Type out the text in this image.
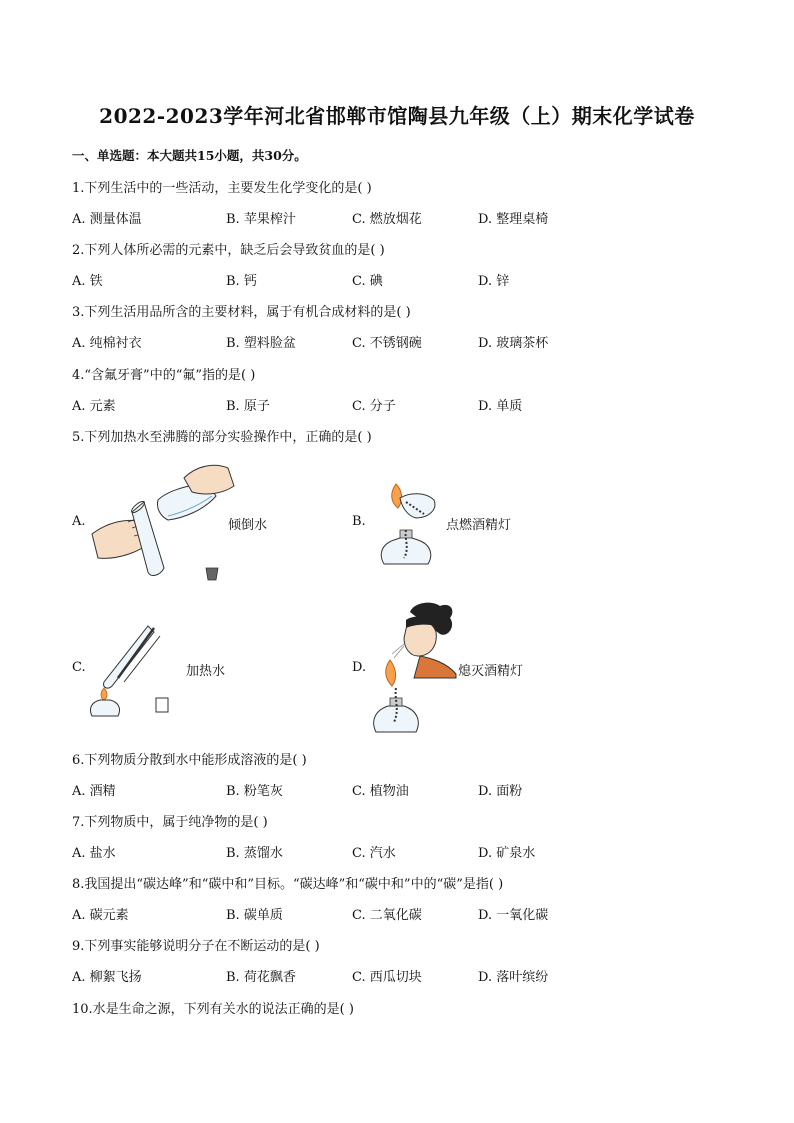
2022-2023学年河北省邯郸市馆陶县九年级（上）期末化学试卷
一、单选题：本大题共15小题，共30分。
1.下列生活中的一些活动，主要发生化学变化的是( )
A. 测量体温	B. 苹果榨汁	C. 燃放烟花	D. 整理桌椅
2.下列人体所必需的元素中，缺乏后会导致贫血的是( )
A. 铁	B. 钙	C. 碘	D. 锌
3.下列生活用品所含的主要材料，属于有机合成材料的是( )
A. 纯棉衬衣	B. 塑料脸盆	C. 不锈钢碗	D. 玻璃茶杯
4.“含氟牙膏”中的“氟”指的是( )
A. 元素	B. 原子	C. 分子	D. 单质
5.下列加热水至沸腾的部分实验操作中，正确的是( )
A.	倾倒水	B.	点燃酒精灯
C.	加热水	D.	熄灭酒精灯
6.下列物质分散到水中能形成溶液的是( )
A. 酒精	B. 粉笔灰	C. 植物油	D. 面粉
7.下列物质中，属于纯净物的是( )
A. 盐水	B. 蒸馏水	C. 汽水	D. 矿泉水
8.我国提出“碳达峰”和“碳中和”目标。“碳达峰”和“碳中和”中的“碳”是指( )
A. 碳元素	B. 碳单质	C. 二氧化碳	D. 一氧化碳
9.下列事实能够说明分子在不断运动的是( )
A. 柳絮飞扬	B. 荷花飘香	C. 西瓜切块	D. 落叶缤纷
10.水是生命之源，下列有关水的说法正确的是( )
